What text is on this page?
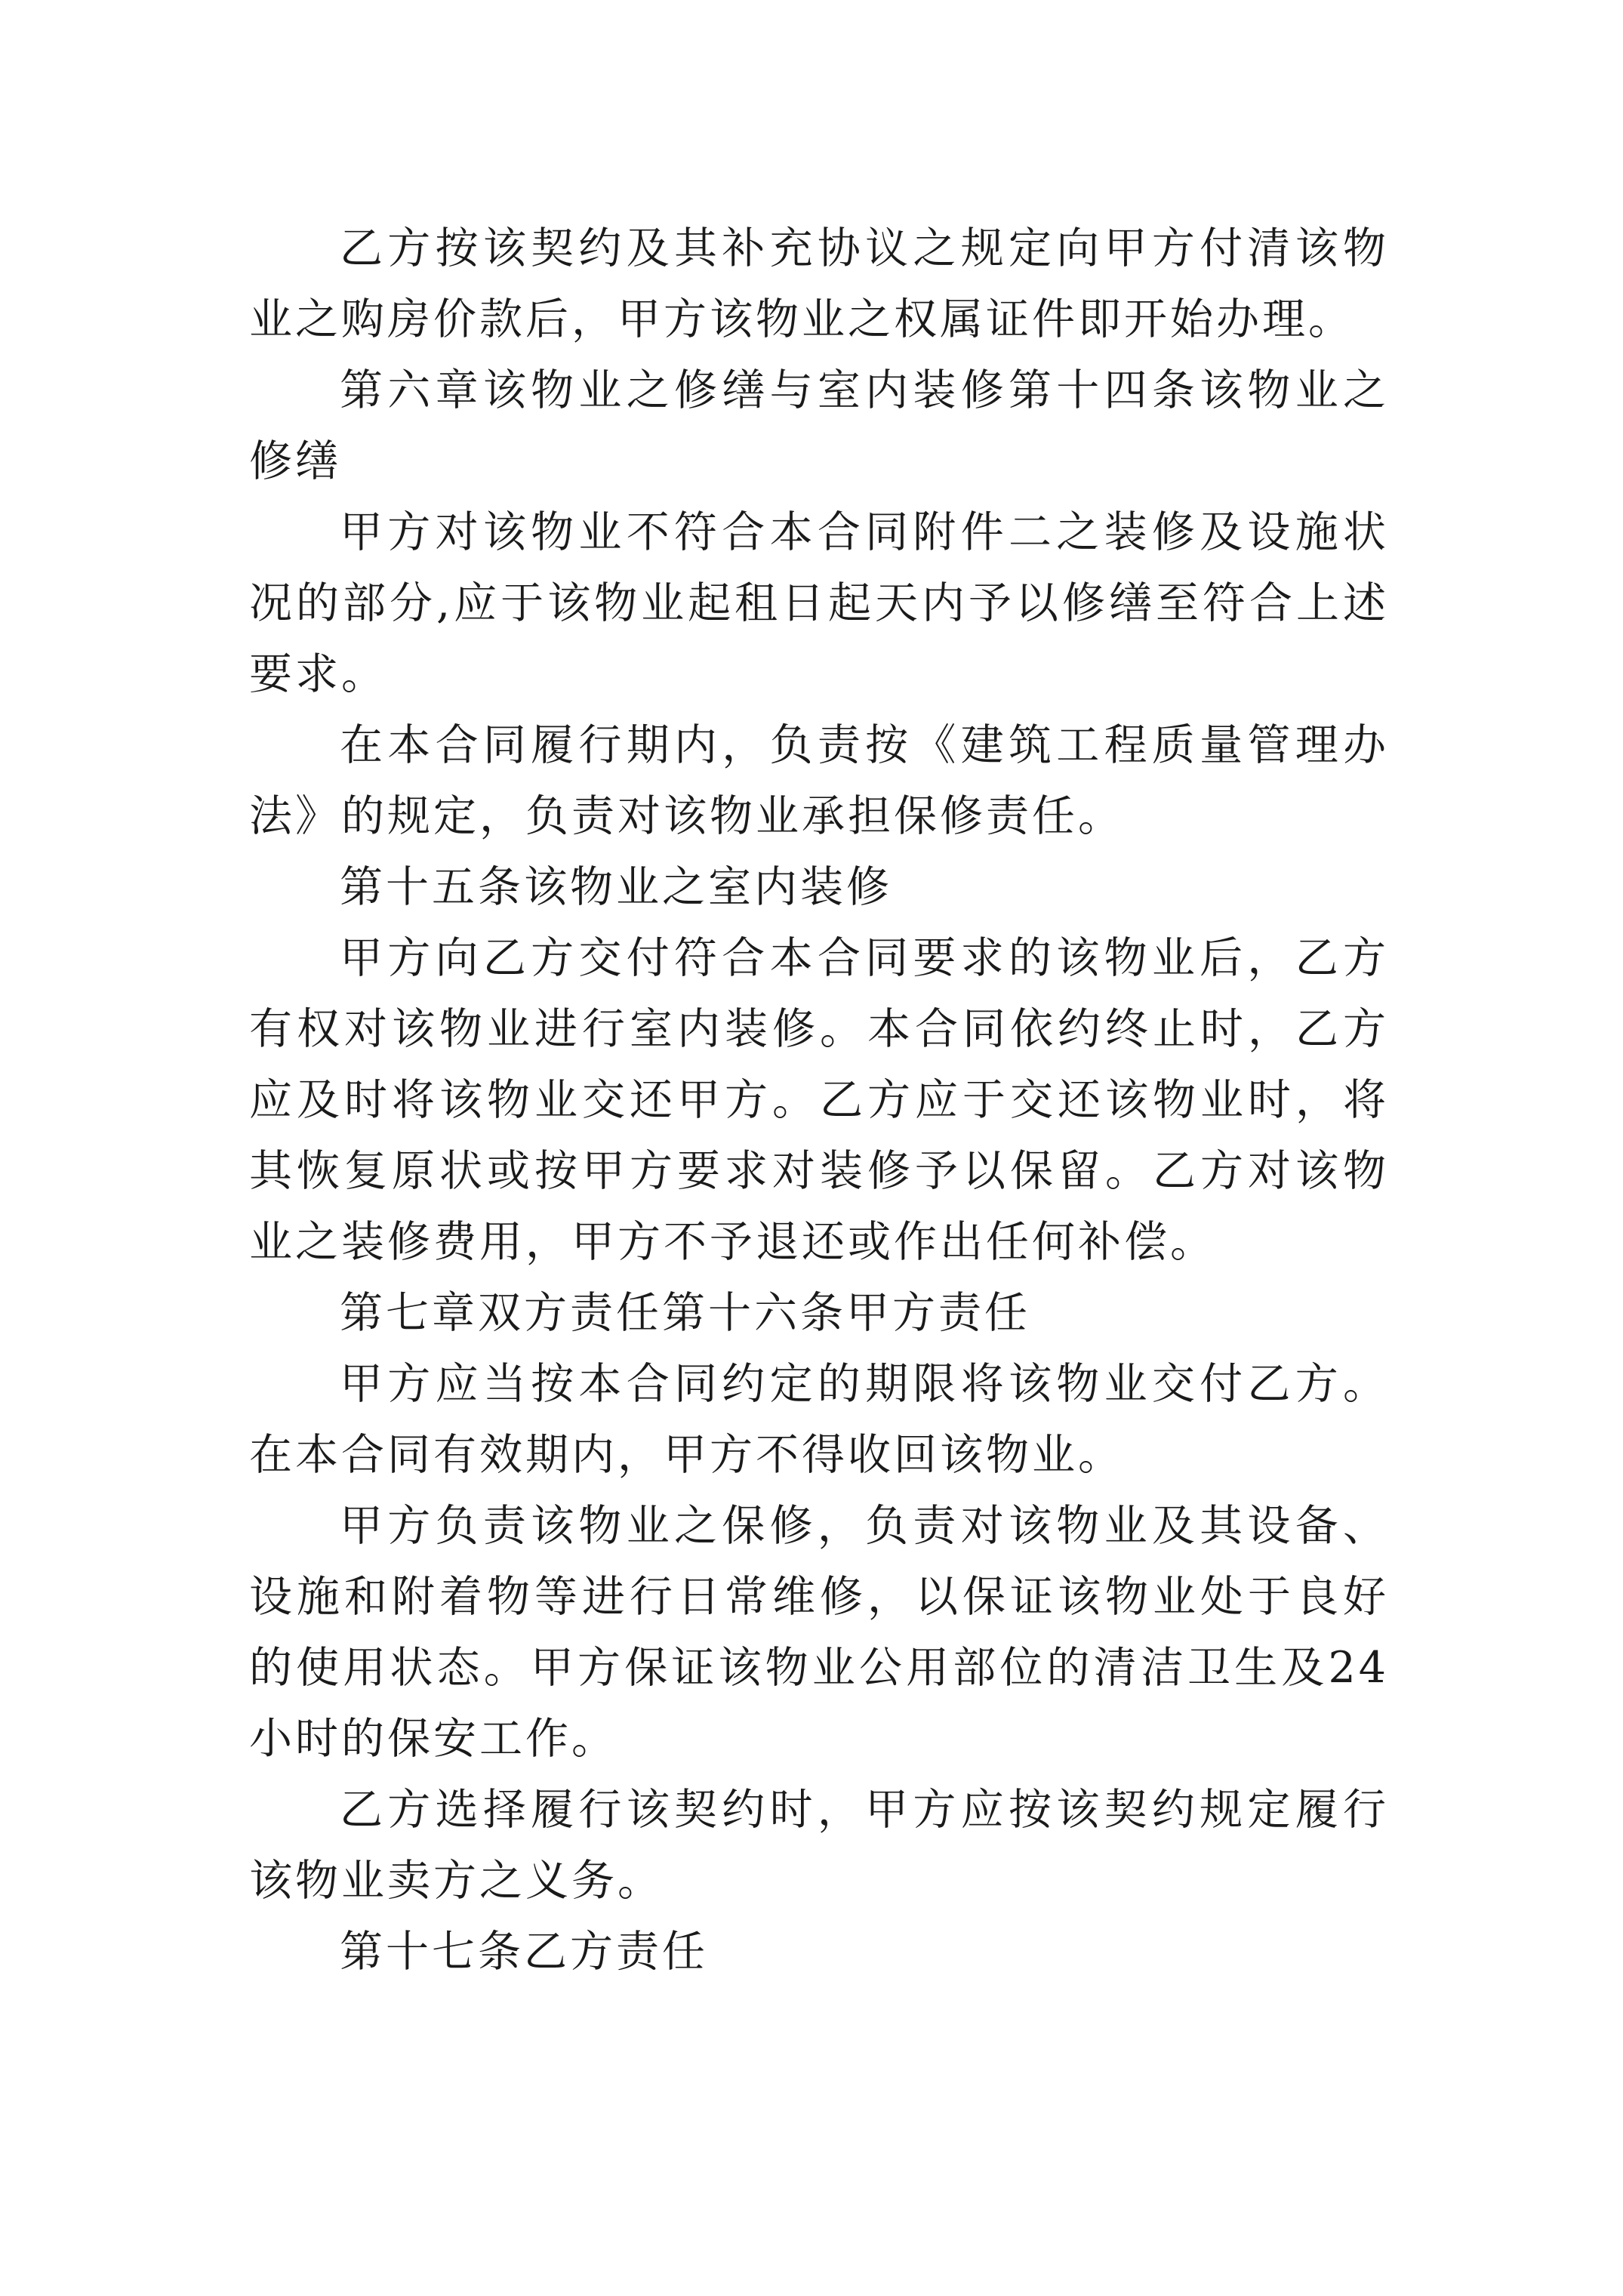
乙方按该契约及其补充协议之规定向甲方付清该物业之购房价款后，甲方该物业之权属证件即开始办理。

第六章该物业之修缮与室内装修第十四条该物业之修缮

甲方对该物业不符合本合同附件二之装修及设施状况的部分,应于该物业起租日起天内予以修缮至符合上述要求。

在本合同履行期内，负责按《建筑工程质量管理办法》的规定，负责对该物业承担保修责任。

第十五条该物业之室内装修

甲方向乙方交付符合本合同要求的该物业后，乙方有权对该物业进行室内装修。本合同依约终止时，乙方应及时将该物业交还甲方。乙方应于交还该物业时，将其恢复原状或按甲方要求对装修予以保留。乙方对该物业之装修费用，甲方不予退还或作出任何补偿。

第七章双方责任第十六条甲方责任

甲方应当按本合同约定的期限将该物业交付乙方。在本合同有效期内，甲方不得收回该物业。

甲方负责该物业之保修，负责对该物业及其设备、设施和附着物等进行日常维修，以保证该物业处于良好的使用状态。甲方保证该物业公用部位的清洁卫生及24小时的保安工作。

乙方选择履行该契约时，甲方应按该契约规定履行该物业卖方之义务。

第十七条乙方责任
